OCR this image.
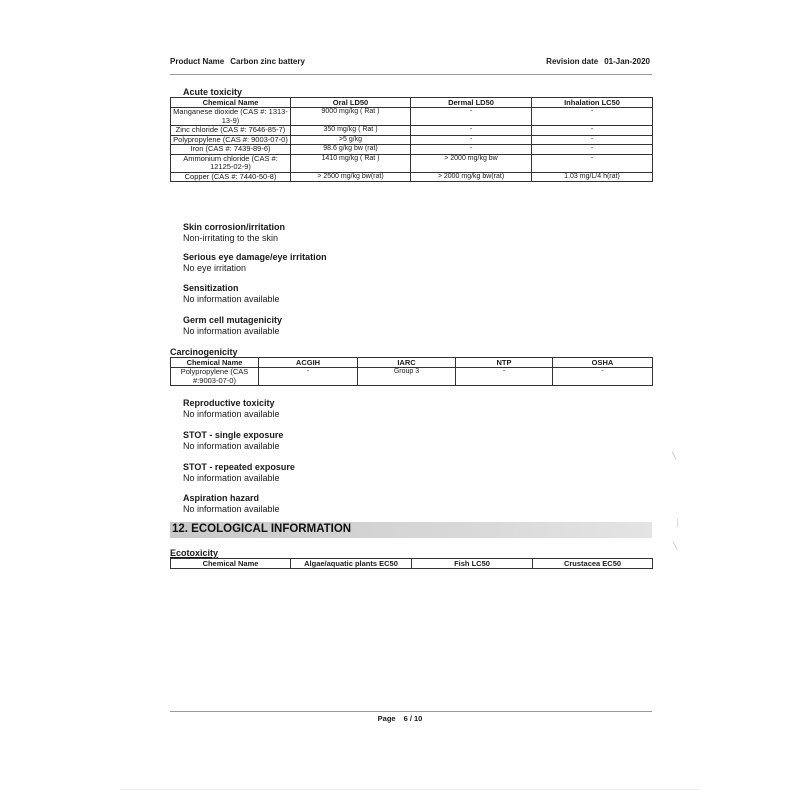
Product Name Carbon zinc battery	Revision date 01-Jan-2020
Acute toxicity
Chemical Name	Oral LD50	Dermal LD50	Inhalation LC50
Manganese dioxide (CAS #: 1313-13-9)	9000 mg/kg ( Rat )	-	-
Zinc chloride (CAS #: 7646-85-7)	350 mg/kg ( Rat )	-	-
Polypropylene (CAS #: 9003-07-0)	>5 g/kg	-	-
Iron (CAS #: 7439-89-6)	98.6 g/kg bw (rat)	-	-
Ammonium chloride (CAS #: 12125-02-9)	1410 mg/kg ( Rat )	> 2000 mg/kg bw	-
Copper (CAS #: 7440-50-8)	> 2500 mg/kg bw(rat)	> 2000 mg/kg bw(rat)	1.03 mg/L/4 h(rat)
Skin corrosion/irritation
Non-irritating to the skin
Serious eye damage/eye irritation
No eye irritation
Sensitization
No information available
Germ cell mutagenicity
No information available
Carcinogenicity
Chemical Name	ACGIH	IARC	NTP	OSHA
Polypropylene (CAS #:9003-07-0)	-	Group 3	-	-
Reproductive toxicity
No information available
STOT - single exposure
No information available
STOT - repeated exposure
No information available
Aspiration hazard
No information available
12. ECOLOGICAL INFORMATION
Ecotoxicity
Chemical Name	Algae/aquatic plants EC50	Fish LC50	Crustacea EC50
Page 6 / 10
╲
│
╲
